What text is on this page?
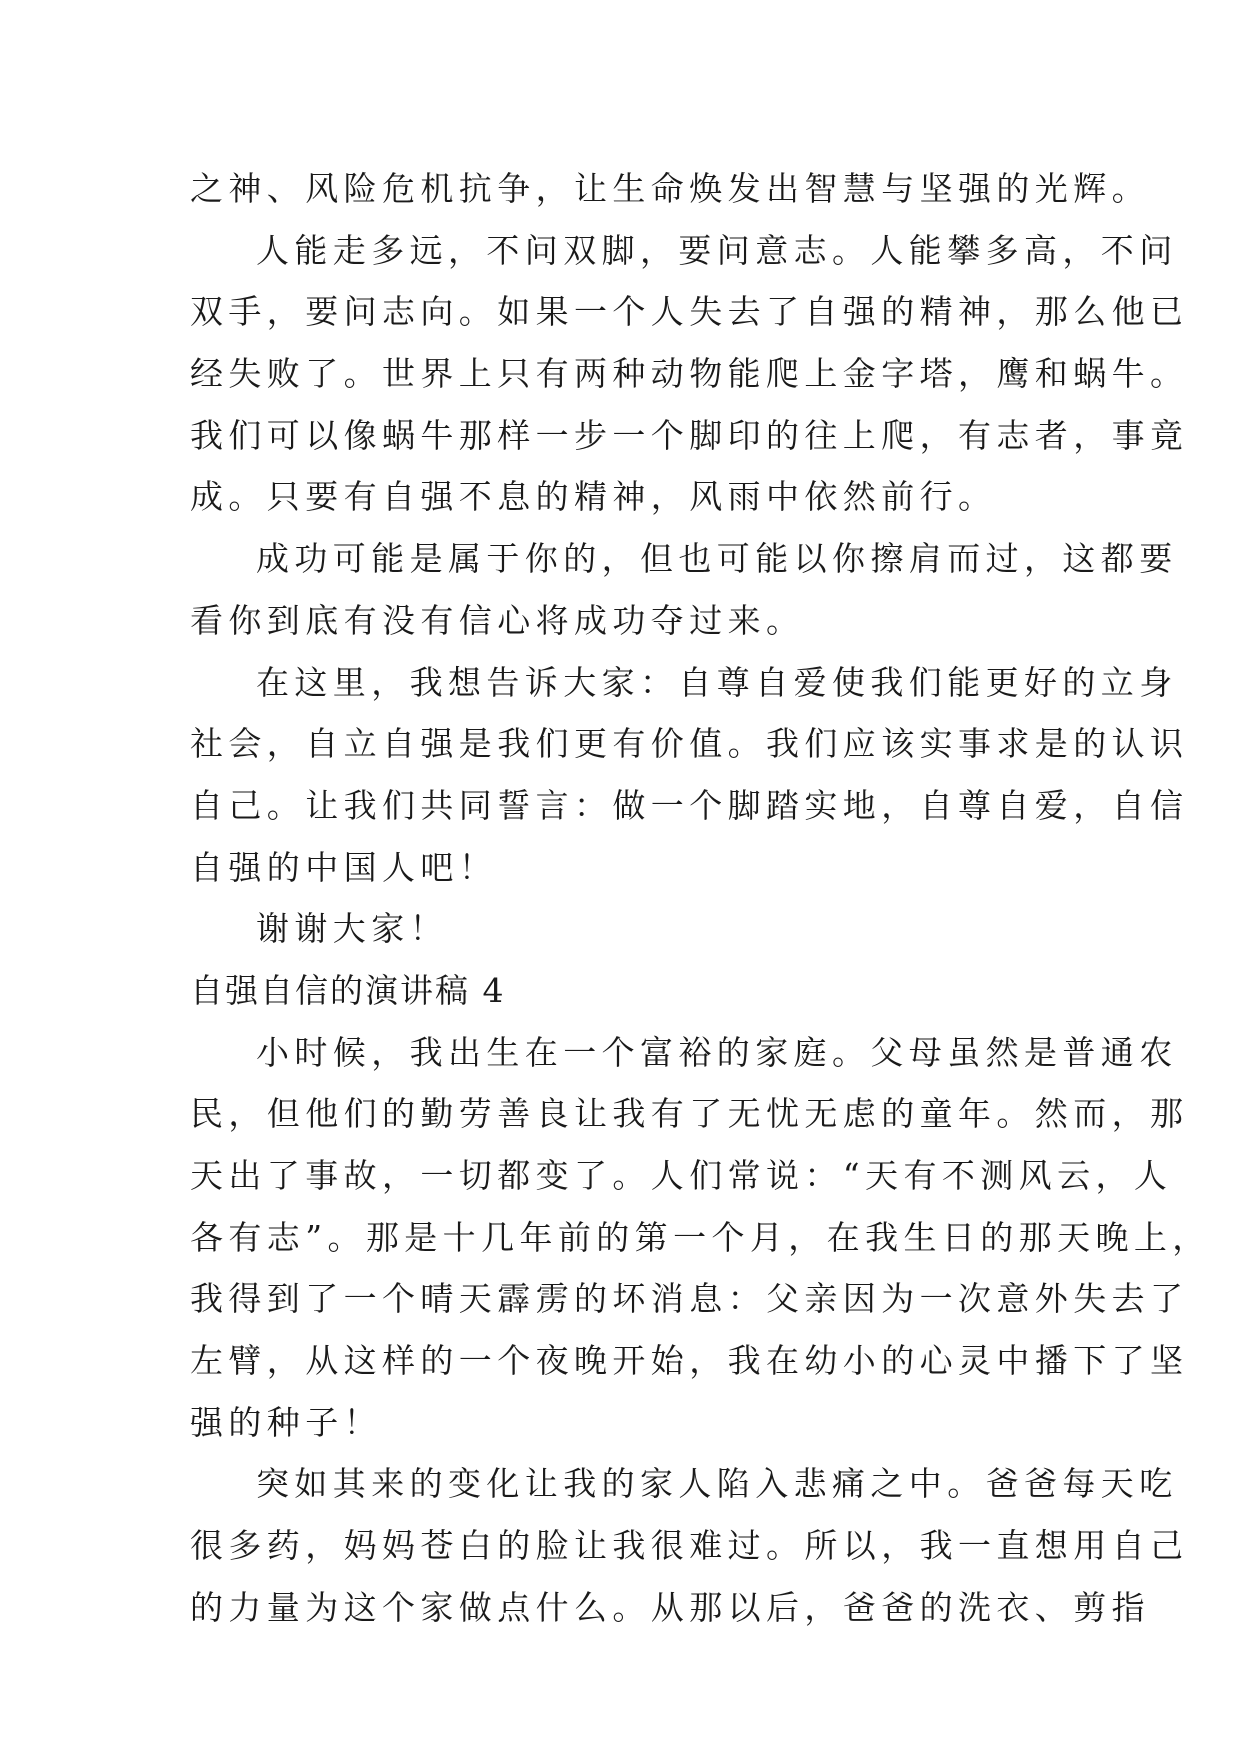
之神、风险危机抗争，让生命焕发出智慧与坚强的光辉。
人能走多远，不问双脚，要问意志。人能攀多高，不问
双手，要问志向。如果一个人失去了自强的精神，那么他已
经失败了。世界上只有两种动物能爬上金字塔，鹰和蜗牛。
我们可以像蜗牛那样一步一个脚印的往上爬，有志者，事竟
成。只要有自强不息的精神，风雨中依然前行。
成功可能是属于你的，但也可能以你擦肩而过，这都要
看你到底有没有信心将成功夺过来。
在这里，我想告诉大家：自尊自爱使我们能更好的立身
社会，自立自强是我们更有价值。我们应该实事求是的认识
自己。让我们共同誓言：做一个脚踏实地，自尊自爱，自信
自强的中国人吧！
谢谢大家！
自强自信的演讲稿 4
小时候，我出生在一个富裕的家庭。父母虽然是普通农
民，但他们的勤劳善良让我有了无忧无虑的童年。然而，那
天出了事故，一切都变了。人们常说：“天有不测风云，人
各有志”。那是十几年前的第一个月，在我生日的那天晚上，
我得到了一个晴天霹雳的坏消息：父亲因为一次意外失去了
左臂，从这样的一个夜晚开始，我在幼小的心灵中播下了坚
强的种子！
突如其来的变化让我的家人陷入悲痛之中。爸爸每天吃
很多药，妈妈苍白的脸让我很难过。所以，我一直想用自己
的力量为这个家做点什么。从那以后，爸爸的洗衣、剪指
